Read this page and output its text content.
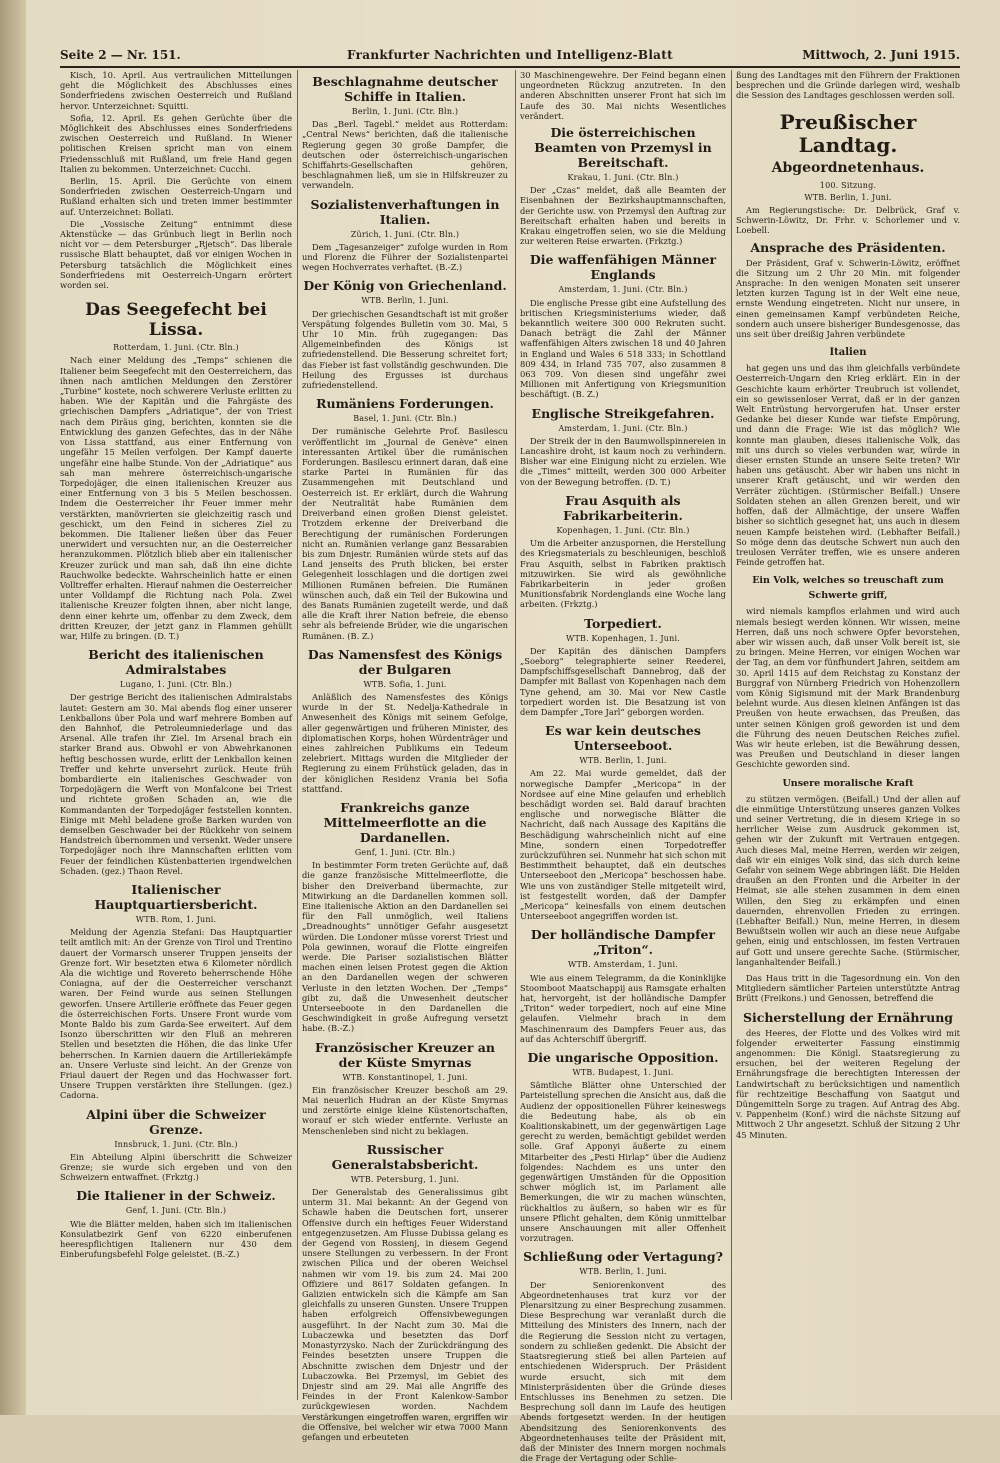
Seite 2 — Nr. 151.	Frankfurter Nachrichten und Intelligenz-Blatt	Mittwoch, 2. Juni 1915.

Kisch, 10. April. Aus vertraulichen Mitteilungen geht die Möglichkeit des Abschlusses eines Sonderfriedens zwischen Oesterreich und Rußland hervor. Unterzeichnet: Squitti.

Sofia, 12. April. Es gehen Gerüchte über die Möglichkeit des Abschlusses eines Sonderfriedens zwischen Oesterreich und Rußland. In Wiener politischen Kreisen spricht man von einem Friedensschluß mit Rußland, um freie Hand gegen Italien zu bekommen. Unterzeichnet: Cucchi.

Berlin, 15. April. Die Gerüchte von einem Sonderfrieden zwischen Oesterreich-Ungarn und Rußland erhalten sich und treten immer bestimmter auf. Unterzeichnet: Bollati.

Die „Vossische Zeitung“ entnimmt diese Aktenstücke — das Grünbuch liegt in Berlin noch nicht vor — dem Petersburger „Rjetsch“. Das liberale russische Blatt behauptet, daß vor einigen Wochen in Petersburg tatsächlich die Möglichkeit eines Sonderfriedens mit Oesterreich-Ungarn erörtert worden sei.

Das Seegefecht bei Lissa.
Rotterdam, 1. Juni. (Ctr. Bln.)

Nach einer Meldung des „Temps“ schienen die Italiener beim Seegefecht mit den Oesterreichern, das ihnen nach amtlichen Meldungen den Zerstörer „Turbine“ kostete, noch schwerere Verluste erlitten zu haben. Wie der Kapitän und die Fahrgäste des griechischen Dampfers „Adriatique“, der von Triest nach dem Piräus ging, berichten, konnten sie die Entwicklung des ganzen Gefechtes, das in der Nähe von Lissa stattfand, aus einer Entfernung von ungefähr 15 Meilen verfolgen. Der Kampf dauerte ungefähr eine halbe Stunde. Von der „Adriatique“ aus sah man mehrere österreichisch-ungarische Torpedojäger, die einen italienischen Kreuzer aus einer Entfernung von 3 bis 5 Meilen beschossen. Indem die Oesterreicher ihr Feuer immer mehr verstärkten, manövrierten sie gleichzeitig rasch und geschickt, um den Feind in sicheres Ziel zu bekommen. Die Italiener ließen über das Feuer unerwidert und versuchten nur, an die Oesterreicher heranzukommen. Plötzlich blieb aber ein italienischer Kreuzer zurück und man sah, daß ihn eine dichte Rauchwolke bedeckte. Wahrscheinlich hatte er einen Volltreffer erhalten. Hierauf nahmen die Oesterreicher unter Volldampf die Richtung nach Pola. Zwei italienische Kreuzer folgten ihnen, aber nicht lange, denn einer kehrte um, offenbar zu dem Zweck, dem dritten Kreuzer, der jetzt ganz in Flammen gehüllt war, Hilfe zu bringen. (D. T.)

Bericht des italienischen Admiralstabes
Lugano, 1. Juni. (Ctr. Bln.)

Der gestrige Bericht des italienischen Admiralstabs lautet: Gestern am 30. Mai abends flog einer unserer Lenkballons über Pola und warf mehrere Bomben auf den Bahnhof, die Petroleumniederlage und das Arsenal. Alle trafen ihr Ziel. Im Arsenal brach ein starker Brand aus. Obwohl er von Abwehrkanonen heftig beschossen wurde, erlitt der Lenkballon keinen Treffer und kehrte unversehrt zurück. Heute früh bombardierte ein italienisches Geschwader von Torpedojägern die Werft von Monfalcone bei Triest und richtete großen Schaden an, wie die Kommandanten der Torpedojäger feststellen konnten. Einige mit Mehl beladene große Barken wurden von demselben Geschwader bei der Rückkehr von seinem Handstreich übernommen und versenkt. Weder unsere Torpedojäger noch ihre Mannschaften erlitten vom Feuer der feindlichen Küstenbatterien irgendwelchen Schaden. (gez.) Thaon Revel.

Italienischer Hauptquartiersbericht.
WTB. Rom, 1. Juni.

Meldung der Agenzia Stefani: Das Hauptquartier teilt amtlich mit: An der Grenze von Tirol und Trentino dauert der Vormarsch unserer Truppen jenseits der Grenze fort. Wir besetzten etwa 6 Kilometer nördlich Ala die wichtige und Rovereto beherrschende Höhe Coniagna, auf der die Oesterreicher verschanzt waren. Der Feind wurde aus seinen Stellungen geworfen. Unsere Artillerie eröffnete das Feuer gegen die österreichischen Forts. Unsere Front wurde vom Monte Baldo bis zum Garda-See erweitert. Auf dem Isonzo überschritten wir den Fluß an mehreren Stellen und besetzten die Höhen, die das linke Ufer beherrschen. In Karnien dauern die Artilleriekämpfe an. Unsere Verluste sind leicht. An der Grenze von Friaul dauert der Regen und das Hochwasser fort. Unsere Truppen verstärkten ihre Stellungen. (gez.) Cadorna.

Alpini über die Schweizer Grenze.
Innsbruck, 1. Juni. (Ctr. Bln.)

Ein Abteilung Alpini überschritt die Schweizer Grenze; sie wurde sich ergeben und von den Schweizern entwaffnet. (Frkztg.)

Die Italiener in der Schweiz.
Genf, 1. Juni. (Ctr. Bln.)

Wie die Blätter melden, haben sich im italienischen Konsulatbezirk Genf von 6220 einberufenen heerespflichtigen Italienern nur 430 dem Einberufungsbefehl Folge geleistet. (B.-Z.)

Beschlagnahme deutscher Schiffe in Italien.
Berlin, 1. Juni. (Ctr. Bln.)

Das „Berl. Tagebl.“ meldet aus Rotterdam: „Central News“ berichten, daß die italienische Regierung gegen 30 große Dampfer, die deutschen oder österreichisch-ungarischen Schiffahrts-Gesellschaften gehören, beschlagnahmen ließ, um sie in Hilfskreuzer zu verwandeln.

Sozialistenverhaftungen in Italien.
Zürich, 1. Juni. (Ctr. Bln.)

Dem „Tagesanzeiger“ zufolge wurden in Rom und Florenz die Führer der Sozialistenpartei wegen Hochverrates verhaftet. (B.-Z.)

Der König von Griechenland.
WTB. Berlin, 1. Juni.

Der griechischen Gesandtschaft ist mit großer Verspätung folgendes Bulletin vom 30. Mai, 5 Uhr 10 Min. früh zugegangen: Das Allgemeinbefinden des Königs ist zufriedenstellend. Die Besserung schreitet fort; das Fieber ist fast vollständig geschwunden. Die Heilung des Ergusses ist durchaus zufriedenstellend.

Rumäniens Forderungen.
Basel, 1. Juni. (Ctr. Bln.)

Der rumänische Gelehrte Prof. Basilescu veröffentlicht im „Journal de Genève“ einen interessanten Artikel über die rumänischen Forderungen. Basilescu erinnert daran, daß eine starke Partei in Rumänien für das Zusammengehen mit Deutschland und Oesterreich ist. Er erklärt, durch die Wahrung der Neutralität habe Rumänien dem Dreiverband einen großen Dienst geleistet. Trotzdem erkenne der Dreiverband die Berechtigung der rumänischen Forderungen nicht an. Rumänien verlange ganz Bessarabien bis zum Dnjestr. Rumänien würde stets auf das Land jenseits des Pruth blicken, bei erster Gelegenheit losschlagen und die dortigen zwei Millionen Rumänen befreien. Die Rumänen wünschen auch, daß ein Teil der Bukowina und des Banats Rumänien zugeteilt werde, und daß alle die Kraft ihrer Nation befreie, die ebenso sehr als befreiende Brüder, wie die ungarischen Rumänen. (B. Z.)

Das Namensfest des Königs der Bulgaren
WTB. Sofia, 1. Juni.

Anläßlich des Namensfestes des Königs wurde in der St. Nedelja-Kathedrale in Anwesenheit des Königs mit seinem Gefolge, aller gegenwärtigen und früheren Minister, des diplomatischen Korps, hohen Würdenträger und eines zahlreichen Publikums ein Tedeum zelebriert. Mittags wurden die Mitglieder der Regierung zu einem Frühstück geladen, das in der königlichen Residenz Vrania bei Sofia stattfand.

Frankreichs ganze Mittelmeerflotte an die Dardanellen.
Genf, 1. Juni. (Ctr. Bln.)

In bestimmter Form treten Gerüchte auf, daß die ganze französische Mittelmeerflotte, die bisher den Dreiverband übermachte, zur Mitwirkung an die Dardanellen kommen soll. Eine italienische Aktion an den Dardanellen sei für den Fall unmöglich, weil Italiens „Dreadnoughts“ unnötiger Gefahr ausgesetzt würden. Die Londoner müsse vorerst Triest und Pola gewinnen, worauf die Flotte eingreifen werde. Die Pariser sozialistischen Blätter machen einen leisen Protest gegen die Aktion an den Dardanellen wegen der schweren Verluste in den letzten Wochen. Der „Temps“ gibt zu, daß die Unwesenheit deutscher Unterseeboote in den Dardanellen die Geschwindigkeit in große Aufregung versetzt habe. (B.-Z.)

Französischer Kreuzer an der Küste Smyrnas
WTB. Konstantinopel, 1. Juni.

Ein französischer Kreuzer beschoß am 29. Mai neuerlich Hudran an der Küste Smyrnas und zerstörte einige kleine Küstenortschaften, worauf er sich wieder entfernte. Verluste an Menschenleben sind nicht zu beklagen.

Russischer Generalstabsbericht.
WTB. Petersburg, 1. Juni.

Der Generalstab des Generalissimus gibt unterm 31. Mai bekannt: An der Gegend von Schawle haben die Deutschen fort, unserer Offensive durch ein heftiges Feuer Widerstand entgegenzusetzen. Am Flusse Dubissa gelang es der Gegend von Rossienj, in diesem Gegend unsere Stellungen zu verbessern. In der Front zwischen Pilica und der oberen Weichsel nahmen wir vom 19. bis zum 24. Mai 200 Offiziere und 8617 Soldaten gefangen. In Galizien entwickeln sich die Kämpfe am San gleichfalls zu unseren Gunsten. Unsere Truppen haben erfolgreich Offensivbewegungen ausgeführt. In der Nacht zum 30. Mai die Lubaczewka und besetzten das Dorf Monastyrzysko. Nach der Zurückdrängung des Feindes besetzten unsere Truppen die Abschnitte zwischen dem Dnjestr und der Lubaczowka. Bei Przemysl, im Gebiet des Dnjestr sind am 29. Mai alle Angriffe des Feindes in der Front Kalenkow-Sambor zurückgewiesen worden. Nachdem Verstärkungen eingetroffen waren, ergriffen wir die Offensive, bei welcher wir etwa 7000 Mann gefangen und erbeuteten

30 Maschinengewehre. Der Feind begann einen ungeordneten Rückzug anzutreten. In den anderen Abschnitten unserer Front hat sich im Laufe des 30. Mai nichts Wesentliches verändert.

Die österreichischen Beamten von Przemysl in Bereitschaft.
Krakau, 1. Juni. (Ctr. Bln.)

Der „Czas“ meldet, daß alle Beamten der Eisenbahnen der Bezirkshauptmannschaften, der Gerichte usw. von Przemysl den Auftrag zur Bereitschaft erhalten haben und bereits in Krakau eingetroffen seien, wo sie die Meldung zur weiteren Reise erwarten. (Frkztg.)

Die waffenfähigen Männer Englands
Amsterdam, 1. Juni. (Ctr. Bln.)

Die englische Presse gibt eine Aufstellung des britischen Kriegsministeriums wieder, daß bekanntlich weitere 300 000 Rekruten sucht. Danach beträgt die Zahl der Männer waffenfähigen Alters zwischen 18 und 40 Jahren in England und Wales 6 518 333; in Schottland 809 434, in Irland 735 707, also zusammen 8 063 709. Von diesen sind ungefähr zwei Millionen mit Anfertigung von Kriegsmunition beschäftigt. (B. Z.)

Englische Streikgefahren.
Amsterdam, 1. Juni. (Ctr. Bln.)

Der Streik der in den Baumwollspinnereien in Lancashire droht, ist kaum noch zu verhindern. Bisher war eine Einigung nicht zu erzielen. Wie die „Times“ mitteilt, werden 300 000 Arbeiter von der Bewegung betroffen. (D. T.)

Frau Asquith als Fabrikarbeiterin.
Kopenhagen, 1. Juni. (Ctr. Bln.)

Um die Arbeiter anzuspornen, die Herstellung des Kriegsmaterials zu beschleunigen, beschloß Frau Asquith, selbst in Fabriken praktisch mitzuwirken. Sie wird als gewöhnliche Fabrikarbeiterin in jeder großen Munitionsfabrik Nordenglands eine Woche lang arbeiten. (Frkztg.)

Torpediert.
WTB. Kopenhagen, 1. Juni.

Der Kapitän des dänischen Dampfers „Soeborg“ telegraphierte seiner Reederei, Dampfschiffsgesellschaft Dannebrog, daß der Dampfer mit Ballast von Kopenhagen nach dem Tyne gehend, am 30. Mai vor New Castle torpediert worden ist. Die Besatzung ist von dem Dampfer „Tore Jarl“ geborgen worden.

Es war kein deutsches Unterseeboot.
WTB. Berlin, 1. Juni.

Am 22. Mai wurde gemeldet, daß der norwegische Dampfer „Mericopa“ in der Nordsee auf eine Mine gelaufen und erheblich beschädigt worden sei. Bald darauf brachten englische und norwegische Blätter die Nachricht, daß nach Aussage des Kapitäns die Beschädigung wahrscheinlich nicht auf eine Mine, sondern einen Torpedotreffer zurückzuführen sei. Nunmehr hat sich schon mit Bestimmtheit behauptet, daß ein deutsches Unterseeboot den „Mericopa“ beschossen habe. Wie uns von zuständiger Stelle mitgeteilt wird, ist festgestellt worden, daß der Dampfer „Mericopa“ keinesfalls von einem deutschen Unterseeboot angegriffen worden ist.

Der holländische Dampfer „Triton“.
WTB. Amsterdam, 1. Juni.

Wie aus einem Telegramm, da die Koninklijke Stoomboot Maatschappij aus Ramsgate erhalten hat, hervorgeht, ist der holländische Dampfer „Triton“ weder torpediert, noch auf eine Mine gelaufen. Vielmehr brach in dem Maschinenraum des Dampfers Feuer aus, das auf das Achterschiff übergriff.

Die ungarische Opposition.
WTB. Budapest, 1. Juni.

Sämtliche Blätter ohne Unterschied der Parteistellung sprechen die Ansicht aus, daß die Audienz der oppositionellen Führer keineswegs die Bedeutung habe, als ob ein Koalitionskabinett, um der gegenwärtigen Lage gerecht zu werden, bemächtigt gebildet werden solle. Graf Apponyi äußerte zu einem Mitarbeiter des „Pesti Hirlap“ über die Audienz folgendes: Nachdem es uns unter den gegenwärtigen Umständen für die Opposition schwer möglich ist, im Parlament alle Bemerkungen, die wir zu machen wünschten, rückhaltlos zu äußern, so haben wir es für unsere Pflicht gehalten, dem König unmittelbar unsere Anschauungen mit aller Offenheit vorzutragen.

Schließung oder Vertagung?
WTB. Berlin, 1. Juni.

Der Seniorenkonvent des Abgeordnetenhauses trat kurz vor der Plenarsitzung zu einer Besprechung zusammen. Diese Besprechung war veranlaßt durch die Mitteilung des Ministers des Innern, nach der die Regierung die Session nicht zu vertagen, sondern zu schließen gedenkt. Die Absicht der Staatsregierung stieß bei allen Parteien auf entschiedenen Widerspruch. Der Präsident wurde ersucht, sich mit dem Ministerpräsidenten über die Gründe dieses Entschlusses ins Benehmen zu setzen. Die Besprechung soll dann im Laufe des heutigen Abends fortgesetzt werden. In der heutigen Abendsitzung des Seniorenkonvents des Abgeordnetenhauses teilte der Präsident mit, daß der Minister des Innern morgen nochmals die Frage der Vertagung oder Schlie-

ßung des Landtages mit den Führern der Fraktionen besprechen und die Gründe darlegen wird, weshalb die Session des Landtages geschlossen werden soll.

Preußischer Landtag.
Abgeordnetenhaus.
100. Sitzung.
WTB. Berlin, 1. Juni.

Am Regierungstische: Dr. Delbrück, Graf v. Schwerin-Löwitz, Dr. Frhr. v. Schorlemer und v. Loebell.

Ansprache des Präsidenten.

Der Präsident, Graf v. Schwerin-Löwitz, eröffnet die Sitzung um 2 Uhr 20 Min. mit folgender Ansprache: In den wenigen Monaten seit unserer letzten kurzen Tagung ist in der Welt eine neue, ernste Wendung eingetreten. Nicht nur unsere, in einen gemeinsamen Kampf verbündeten Reiche, sondern auch unsere bisheriger Bundesgenosse, das uns seit über dreißig Jahren verbündete

Italien

hat gegen uns und das ihm gleichfalls verbündete Oesterreich-Ungarn den Krieg erklärt. Ein in der Geschichte kaum erhörter Treubruch ist vollendet, ein so gewissenloser Verrat, daß er in der ganzen Welt Entrüstung hervorgerufen hat. Unser erster Gedanke bei dieser Kunde war tiefste Empörung, und dann die Frage: Wie ist das möglich? Wie konnte man glauben, dieses italienische Volk, das mit uns durch so vieles verbunden war, würde in dieser ernsten Stunde an unsere Seite treten? Wir haben uns getäuscht. Aber wir haben uns nicht in unserer Kraft getäuscht, und wir werden den Verräter züchtigen. (Stürmischer Beifall.) Unsere Soldaten stehen an allen Grenzen bereit, und wir hoffen, daß der Allmächtige, der unsere Waffen bisher so sichtlich gesegnet hat, uns auch in diesem neuen Kampfe beistehen wird. (Lebhafter Beifall.) So möge denn das deutsche Schwert nun auch den treulosen Verräter treffen, wie es unsere anderen Feinde getroffen hat.

Ein Volk, welches so treuschaft zum Schwerte griff,

wird niemals kampflos erlahmen und wird auch niemals besiegt werden können. Wir wissen, meine Herren, daß uns noch schwere Opfer bevorstehen, aber wir wissen auch, daß unser Volk bereit ist, sie zu bringen. Meine Herren, vor einigen Wochen war der Tag, an dem vor fünfhundert Jahren, seitdem am 30. April 1415 auf dem Reichstag zu Konstanz der Burggraf von Nürnberg Friedrich von Hohenzollern vom König Sigismund mit der Mark Brandenburg belehnt wurde. Aus diesen kleinen Anfängen ist das Preußen von heute erwachsen, das Preußen, das unter seinen Königen groß geworden ist und dem die Führung des neuen Deutschen Reiches zufiel. Was wir heute erleben, ist die Bewährung dessen, was Preußen und Deutschland in dieser langen Geschichte geworden sind.

Unsere moralische Kraft

zu stützen vermögen. (Beifall.) Und der allen auf die einmütige Unterstützung unseres ganzen Volkes und seiner Vertretung, die in diesem Kriege in so herrlicher Weise zum Ausdruck gekommen ist, gehen wir der Zukunft mit Vertrauen entgegen. Auch dieses Mal, meine Herren, werden wir zeigen, daß wir ein einiges Volk sind, das sich durch keine Gefahr von seinem Wege abbringen läßt. Die Helden draußen an den Fronten und die Arbeiter in der Heimat, sie alle stehen zusammen in dem einen Willen, den Sieg zu erkämpfen und einen dauernden, ehrenvollen Frieden zu erringen. (Lebhafter Beifall.) Nun, meine Herren, in diesem Bewußtsein wollen wir auch an diese neue Aufgabe gehen, einig und entschlossen, im festen Vertrauen auf Gott und unsere gerechte Sache. (Stürmischer, langanhaltender Beifall.)

Das Haus tritt in die Tagesordnung ein. Von den Mitgliedern sämtlicher Parteien unterstützte Antrag Brütt (Freikons.) und Genossen, betreffend die

Sicherstellung der Ernährung

des Heeres, der Flotte und des Volkes wird mit folgender erweiterter Fassung einstimmig angenommen: Die Königl. Staatsregierung zu ersuchen, bei der weiteren Regelung der Ernährungsfrage die berechtigten Interessen der Landwirtschaft zu berücksichtigen und namentlich für rechtzeitige Beschaffung von Saatgut und Düngemitteln Sorge zu tragen. Auf Antrag des Abg. v. Pappenheim (Konf.) wird die nächste Sitzung auf Mittwoch 2 Uhr angesetzt. Schluß der Sitzung 2 Uhr 45 Minuten.
